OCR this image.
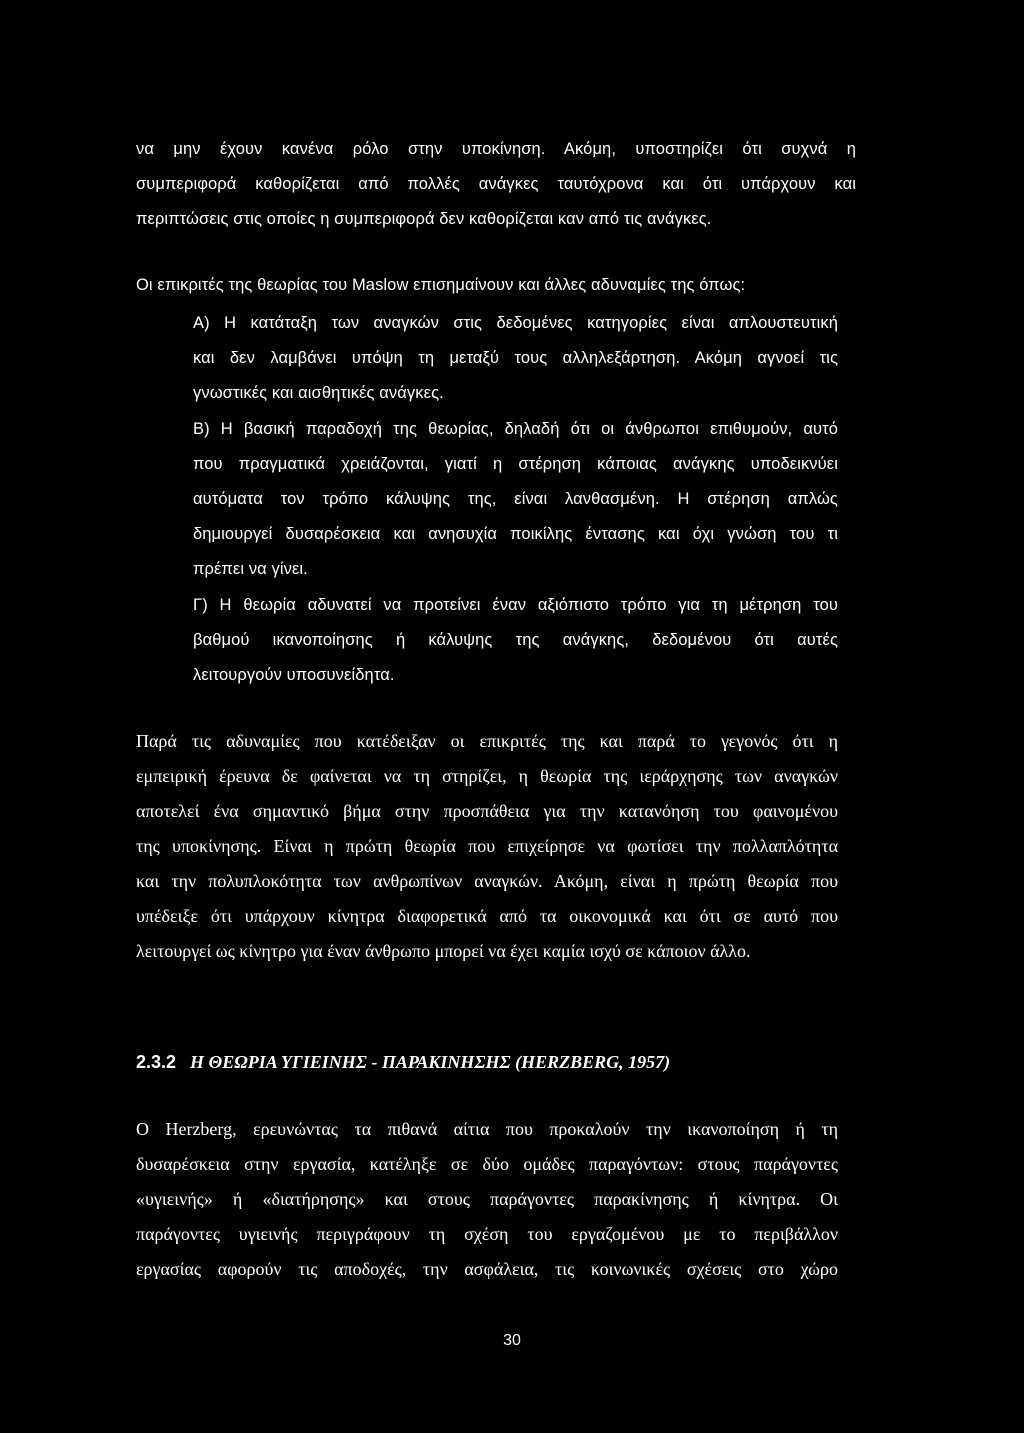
να μην έχουν κανένα ρόλο στην υποκίνηση. Ακόμη, υποστηρίζει ότι συχνά η
συμπεριφορά καθορίζεται από πολλές ανάγκες ταυτόχρονα και ότι υπάρχουν και
περιπτώσεις στις οποίες η συμπεριφορά δεν καθορίζεται καν από τις ανάγκες.
Οι επικριτές της θεωρίας του Maslow επισημαίνουν και άλλες αδυναμίες της όπως:
Α) Η κατάταξη των αναγκών στις δεδομένες κατηγορίες είναι απλουστευτική
και δεν λαμβάνει υπόψη τη μεταξύ τους αλληλεξάρτηση. Ακόμη αγνοεί τις
γνωστικές και αισθητικές ανάγκες.
Β) Η βασική παραδοχή της θεωρίας, δηλαδή ότι οι άνθρωποι επιθυμούν, αυτό
που πραγματικά χρειάζονται, γιατί η στέρηση κάποιας ανάγκης υποδεικνύει
αυτόματα τον τρόπο κάλυψης της, είναι λανθασμένη. Η στέρηση απλώς
δημιουργεί δυσαρέσκεια και ανησυχία ποικίλης έντασης και όχι γνώση του τι
πρέπει να γίνει.
Γ) Η θεωρία αδυνατεί να προτείνει έναν αξιόπιστο τρόπο για τη μέτρηση του
βαθμού ικανοποίησης ή κάλυψης της ανάγκης, δεδομένου ότι αυτές
λειτουργούν υποσυνείδητα.
Παρά τις αδυναμίες που κατέδειξαν οι επικριτές της και παρά το γεγονός ότι η
εμπειρική έρευνα δε φαίνεται να τη στηρίζει, η θεωρία της ιεράρχησης των αναγκών
αποτελεί ένα σημαντικό βήμα στην προσπάθεια για την κατανόηση του φαινομένου
της υποκίνησης. Είναι η πρώτη θεωρία που επιχείρησε να φωτίσει την πολλαπλότητα
και την πολυπλοκότητα των ανθρωπίνων αναγκών. Ακόμη, είναι η πρώτη θεωρία που
υπέδειξε ότι υπάρχουν κίνητρα διαφορετικά από τα οικονομικά και ότι σε αυτό που
λειτουργεί ως κίνητρο για έναν άνθρωπο μπορεί να έχει καμία ισχύ σε κάποιον άλλο.
2.3.2 Η ΘΕΩΡΙΑ ΥΓΙΕΙΝΗΣ - ΠΑΡΑΚΙΝΗΣΗΣ (HERZBERG, 1957)
Ο Herzberg, ερευνώντας τα πιθανά αίτια που προκαλούν την ικανοποίηση ή τη
δυσαρέσκεια στην εργασία, κατέληξε σε δύο ομάδες παραγόντων: στους παράγοντες
«υγιεινής» ή «διατήρησης» και στους παράγοντες παρακίνησης ή κίνητρα. Οι
παράγοντες υγιεινής περιγράφουν τη σχέση του εργαζομένου με το περιβάλλον
εργασίας αφορούν τις αποδοχές, την ασφάλεια, τις κοινωνικές σχέσεις στο χώρο
30
